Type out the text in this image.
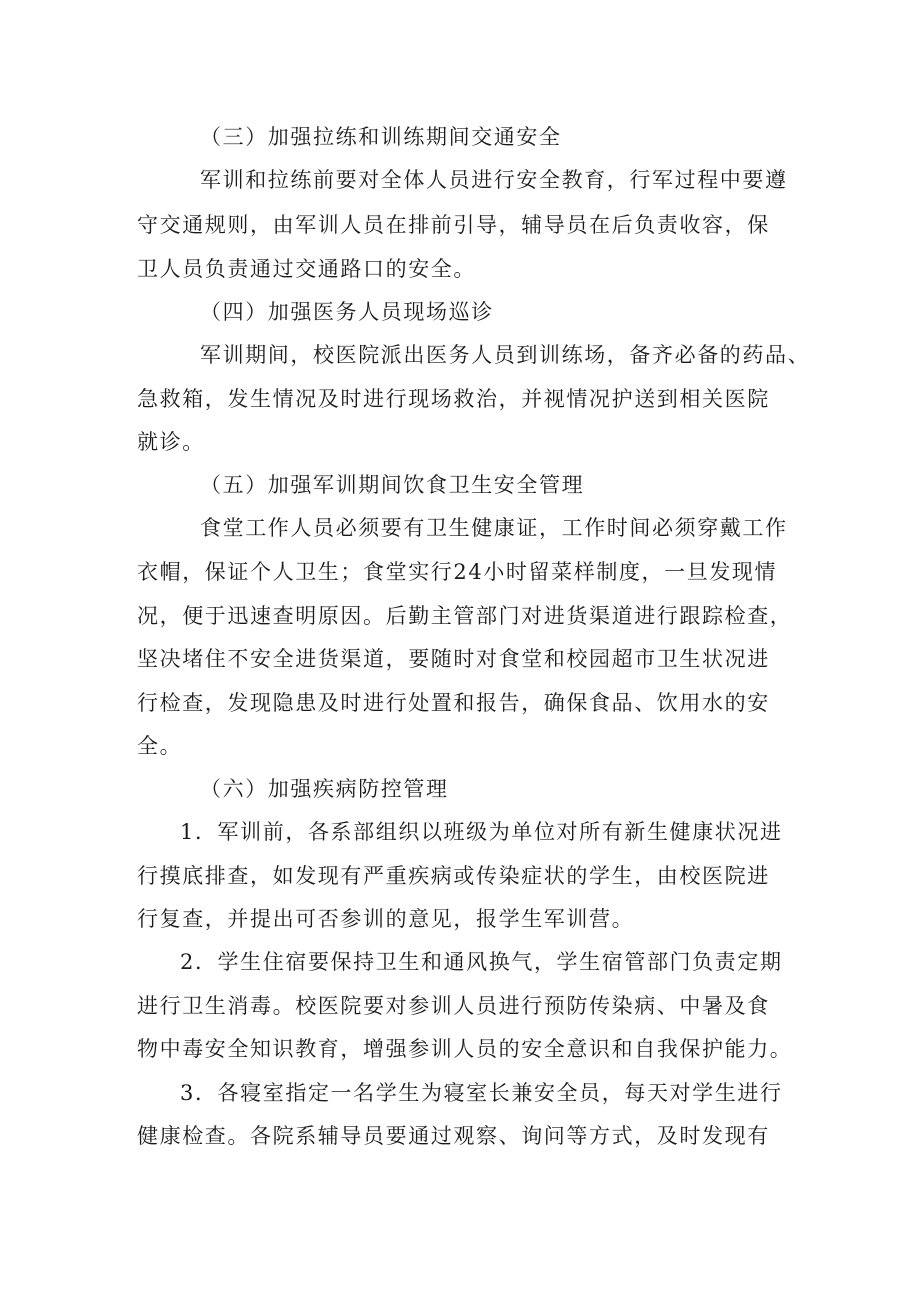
（三）加强拉练和训练期间交通安全
军训和拉练前要对全体人员进行安全教育，行军过程中要遵
守交通规则，由军训人员在排前引导，辅导员在后负责收容，保
卫人员负责通过交通路口的安全。
（四）加强医务人员现场巡诊
军训期间，校医院派出医务人员到训练场，备齐必备的药品、
急救箱，发生情况及时进行现场救治，并视情况护送到相关医院
就诊。
（五）加强军训期间饮食卫生安全管理
食堂工作人员必须要有卫生健康证，工作时间必须穿戴工作
衣帽，保证个人卫生；食堂实行24小时留菜样制度，一旦发现情
况，便于迅速查明原因。后勤主管部门对进货渠道进行跟踪检查，
坚决堵住不安全进货渠道，要随时对食堂和校园超市卫生状况进
行检查，发现隐患及时进行处置和报告，确保食品、饮用水的安
全。
（六）加强疾病防控管理
1．军训前，各系部组织以班级为单位对所有新生健康状况进
行摸底排查，如发现有严重疾病或传染症状的学生，由校医院进
行复查，并提出可否参训的意见，报学生军训营。
2．学生住宿要保持卫生和通风换气，学生宿管部门负责定期
进行卫生消毒。校医院要对参训人员进行预防传染病、中暑及食
物中毒安全知识教育，增强参训人员的安全意识和自我保护能力。
3．各寝室指定一名学生为寝室长兼安全员，每天对学生进行
健康检查。各院系辅导员要通过观察、询问等方式，及时发现有
